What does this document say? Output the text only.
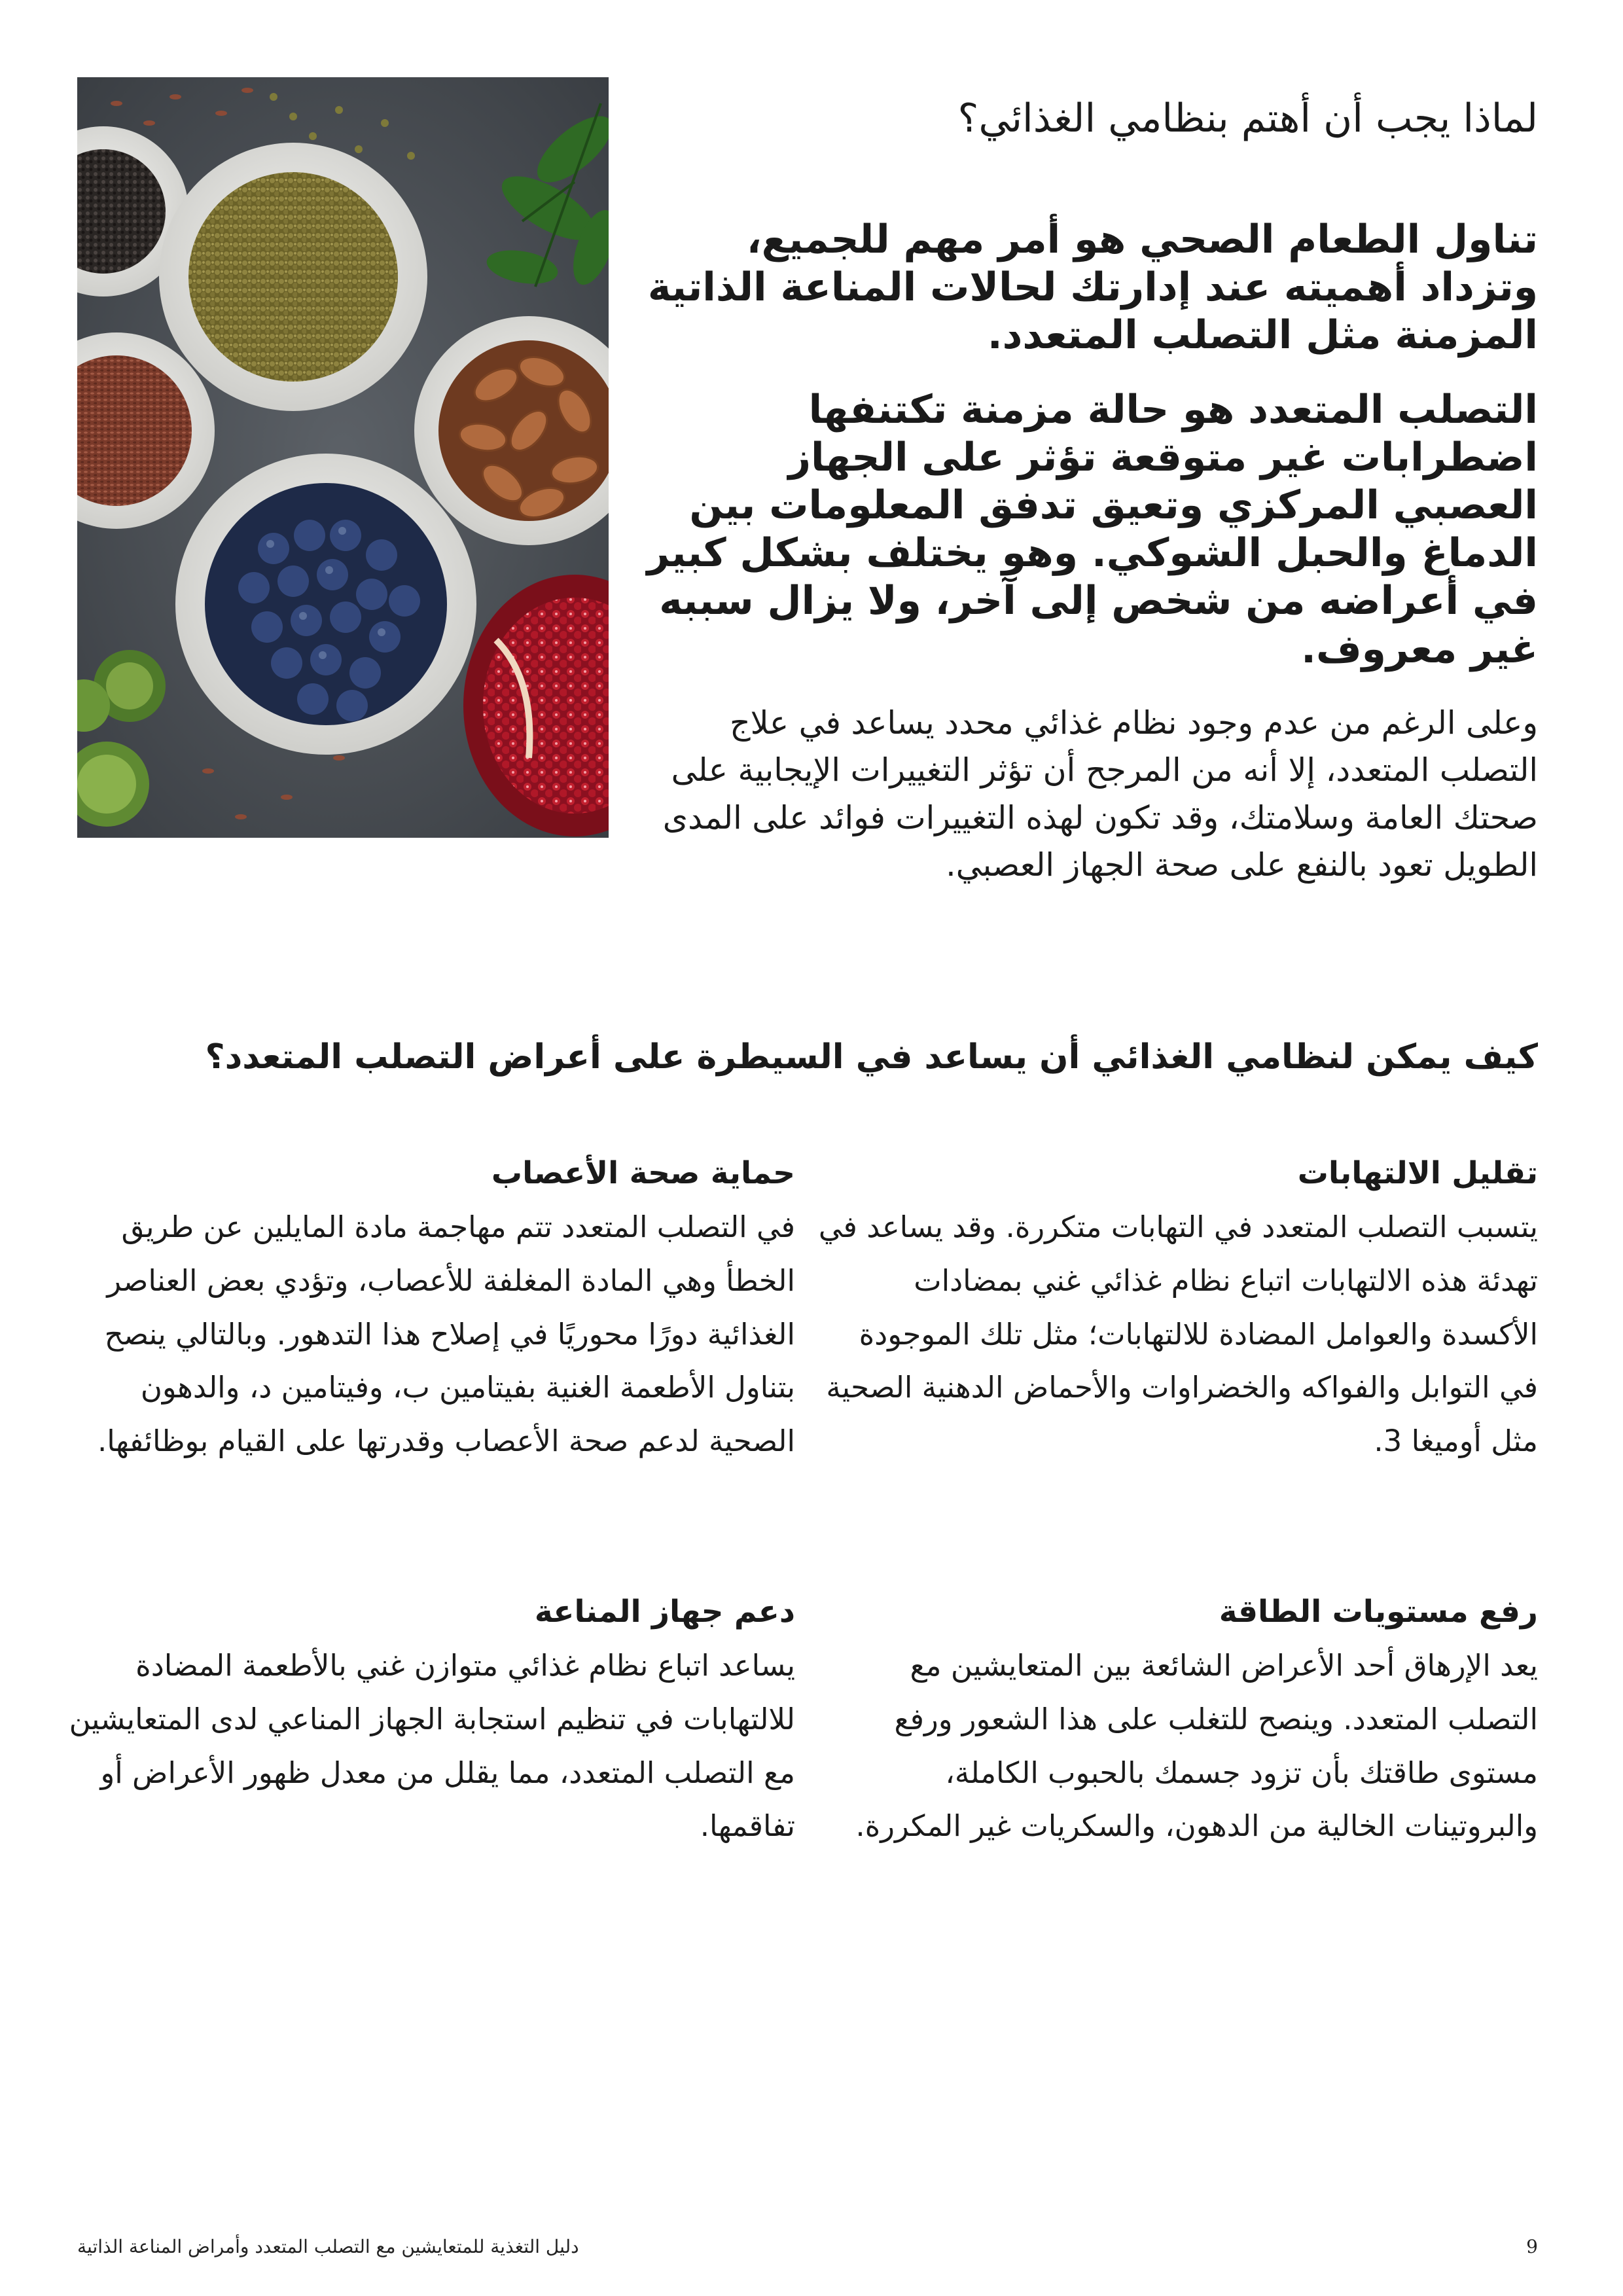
لماذا يجب أن أهتم بنظامي الغذائي؟

تناول الطعام الصحي هو أمر مهم للجميع، وتزداد أهميته عند إدارتك لحالات المناعة الذاتية المزمنة مثل التصلب المتعدد.

التصلب المتعدد هو حالة مزمنة تكتنفها اضطرابات غير متوقعة تؤثر على الجهاز العصبي المركزي وتعيق تدفق المعلومات بين الدماغ والحبل الشوكي. وهو يختلف بشكل كبير في أعراضه من شخص إلى آخر، ولا يزال سببه غير معروف.

وعلى الرغم من عدم وجود نظام غذائي محدد يساعد في علاج التصلب المتعدد، إلا أنه من المرجح أن تؤثر التغييرات الإيجابية على صحتك العامة وسلامتك، وقد تكون لهذه التغييرات فوائد على المدى الطويل تعود بالنفع على صحة الجهاز العصبي.

كيف يمكن لنظامي الغذائي أن يساعد في السيطرة على أعراض التصلب المتعدد؟
تقليل الالتهابات

يتسبب التصلب المتعدد في التهابات متكررة. وقد يساعد في تهدئة هذه الالتهابات اتباع نظام غذائي غني بمضادات الأكسدة والعوامل المضادة للالتهابات؛ مثل تلك الموجودة في التوابل والفواكه والخضراوات والأحماض الدهنية الصحية مثل أوميغا 3.

حماية صحة الأعصاب

في التصلب المتعدد تتم مهاجمة مادة المايلين عن طريق الخطأ وهي المادة المغلفة للأعصاب، وتؤدي بعض العناصر الغذائية دورًا محوريًا في إصلاح هذا التدهور. وبالتالي ينصح بتناول الأطعمة الغنية بفيتامين ب، وفيتامين د، والدهون الصحية لدعم صحة الأعصاب وقدرتها على القيام بوظائفها.

رفع مستويات الطاقة

يعد الإرهاق أحد الأعراض الشائعة بين المتعايشين مع التصلب المتعدد. وينصح للتغلب على هذا الشعور ورفع مستوى طاقتك بأن تزود جسمك بالحبوب الكاملة، والبروتينات الخالية من الدهون، والسكريات غير المكررة.

دعم جهاز المناعة

يساعد اتباع نظام غذائي متوازن غني بالأطعمة المضادة للالتهابات في تنظيم استجابة الجهاز المناعي لدى المتعايشين مع التصلب المتعدد، مما يقلل من معدل ظهور الأعراض أو تفاقمها.

9
دليل التغذية للمتعايشين مع التصلب المتعدد وأمراض المناعة الذاتية
